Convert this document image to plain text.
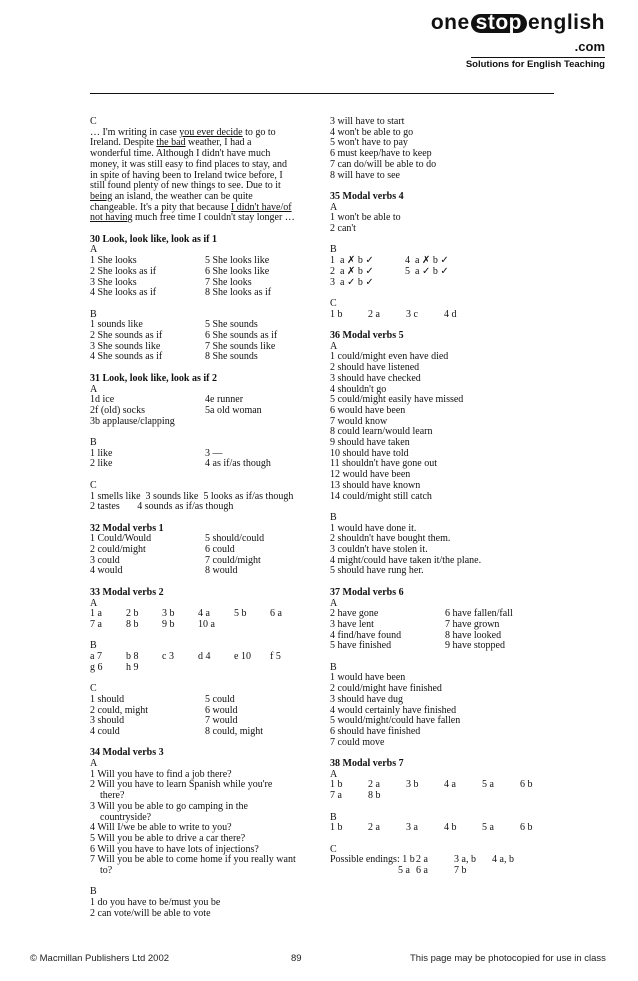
one stop english
.com
Solutions for English Teaching
C
… I'm writing in case you ever decide to go to
Ireland. Despite the bad weather, I had a
wonderful time. Although I didn't have much
money, it was still easy to find places to stay, and
in spite of having been to Ireland twice before, I
still found plenty of new things to see. Due to it
being an island, the weather can be quite
changeable. It's a pity that because I didn't have/of
not having much free time I couldn't stay longer …
30 Look, look like, look as if 1
A
1 She looks	5 She looks like
2 She looks as if	6 She looks like
3 She looks	7 She looks
4 She looks as if	8 She looks as if
B
1 sounds like	5 She sounds
2 She sounds as if	6 She sounds as if
3 She sounds like	7 She sounds like
4 She sounds as if	8 She sounds
31 Look, look like, look as if 2
A
1d ice	4e runner
2f (old) socks	5a old woman
3b applause/clapping
B
1 like	3 —
2 like	4 as if/as though
C
1 smells like  3 sounds like  5 looks as if/as though
2 tastes       4 sounds as if/as though
32 Modal verbs 1
1 Could/Would	5 should/could
2 could/might	6 could
3 could	7 could/might
4 would	8 would
33 Modal verbs 2
A
1 a	2 b	3 b	4 a	5 b	6 a
7 a	8 b	9 b	10 a
B
a 7	b 8	c 3	d 4	e 10	f 5
g 6	h 9
C
1 should	5 could
2 could, might	6 would
3 should	7 would
4 could	8 could, might
34 Modal verbs 3
A
1 Will you have to find a job there?
2 Will you have to learn Spanish while you're
there?
3 Will you be able to go camping in the
countryside?
4 Will I/we be able to write to you?
5 Will you be able to drive a car there?
6 Will you have to have lots of injections?
7 Will you be able to come home if you really want
to?
B
1 do you have to be/must you be
2 can vote/will be able to vote
3 will have to start
4 won't be able to go
5 won't have to pay
6 must keep/have to keep
7 can do/will be able to do
8 will have to see
35 Modal verbs 4
A
1 won't be able to
2 can't
B
1  a ✗ b ✓	4  a ✗ b ✓
2  a ✗ b ✓	5  a ✓ b ✓
3  a ✓ b ✓
C
1 b	2 a	3 c	4 d
36 Modal verbs 5
A
1 could/might even have died
2 should have listened
3 should have checked
4 shouldn't go
5 could/might easily have missed
6 would have been
7 would know
8 could learn/would learn
9 should have taken
10 should have told
11 shouldn't have gone out
12 would have been
13 should have known
14 could/might still catch
B
1 would have done it.
2 shouldn't have bought them.
3 couldn't have stolen it.
4 might/could have taken it/the plane.
5 should have rung her.
37 Modal verbs 6
A
2 have gone	6 have fallen/fall
3 have lent	7 have grown
4 find/have found	8 have looked
5 have finished	9 have stopped
B
1 would have been
2 could/might have finished
3 should have dug
4 would certainly have finished
5 would/might/could have fallen
6 should have finished
7 could move
38 Modal verbs 7
A
1 b	2 a	3 b	4 a	5 a	6 b
7 a	8 b
B
1 b	2 a	3 a	4 b	5 a	6 b
C
Possible endings: 1 b 2 a	3 a, b	4 a, b
5 a 6 a	7 b
© Macmillan Publishers Ltd 2002	89	This page may be photocopied for use in class
